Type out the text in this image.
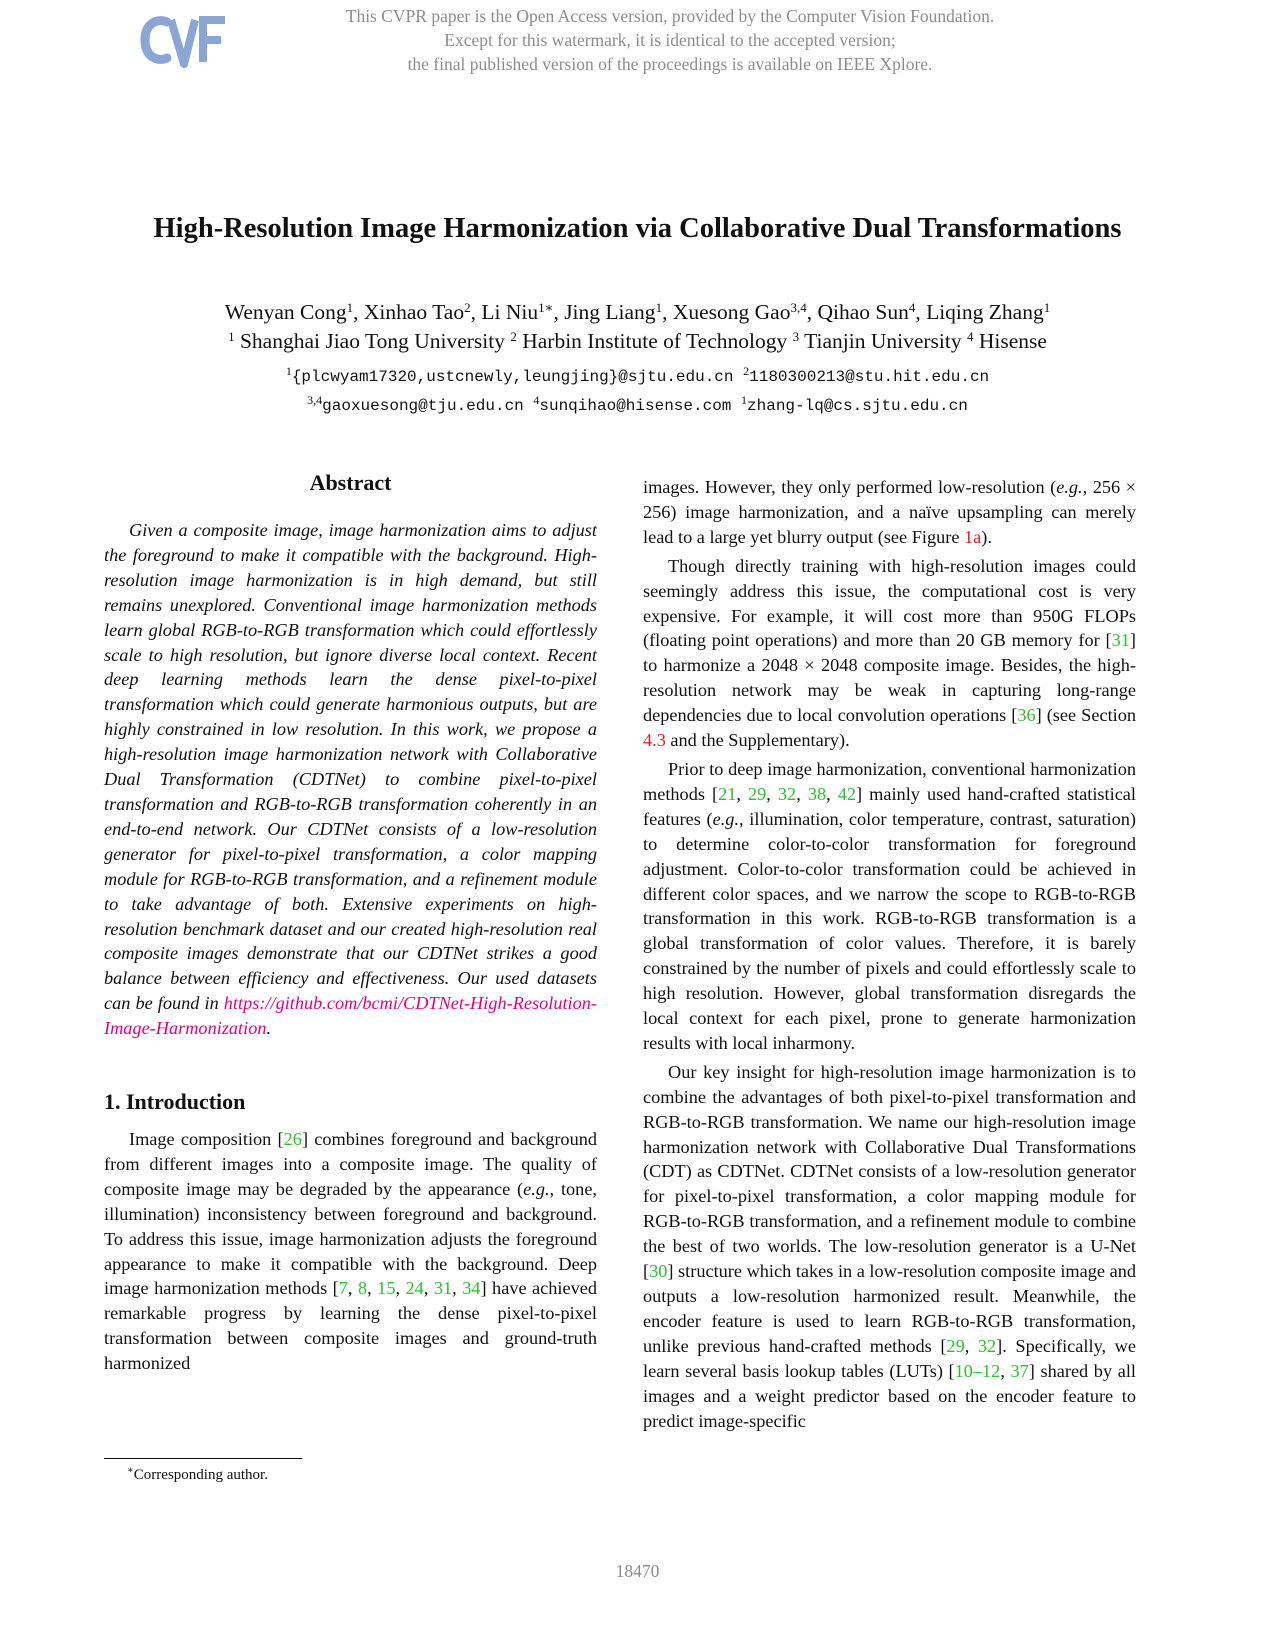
This CVPR paper is the Open Access version, provided by the Computer Vision Foundation.
Except for this watermark, it is identical to the accepted version;
the final published version of the proceedings is available on IEEE Xplore.
High-Resolution Image Harmonization via Collaborative Dual Transformations
Wenyan Cong$^1$, Xinhao Tao$^2$, Li Niu$^{1∗}$, Jing Liang$^1$, Xuesong Gao$^{3,4}$, Qihao Sun$^4$, Liqing Zhang$^1$
$^1$ Shanghai Jiao Tong University $^2$ Harbin Institute of Technology $^3$ Tianjin University $^4$ Hisense
$^1${plcwyam17320,ustcnewly,leungjing}@sjtu.edu.cn $^2$1180300213@stu.hit.edu.cn
$^{3,4}$gaoxuesong@tju.edu.cn $^4$sunqihao@hisense.com $^1$zhang-lq@cs.sjtu.edu.cn
Abstract

Given a composite image, image harmonization aims to adjust the foreground to make it compatible with the background. High-resolution image harmonization is in high demand, but still remains unexplored. Conventional image harmonization methods learn global RGB-to-RGB transformation which could effortlessly scale to high resolution, but ignore diverse local context. Recent deep learning methods learn the dense pixel-to-pixel transformation which could generate harmonious outputs, but are highly constrained in low resolution. In this work, we propose a high-resolution image harmonization network with Collaborative Dual Transformation (CDTNet) to combine pixel-to-pixel transformation and RGB-to-RGB transformation coherently in an end-to-end network. Our CDTNet consists of a low-resolution generator for pixel-to-pixel transformation, a color mapping module for RGB-to-RGB transformation, and a refinement module to take advantage of both. Extensive experiments on high-resolution benchmark dataset and our created high-resolution real composite images demonstrate that our CDTNet strikes a good balance between efficiency and effectiveness. Our used datasets can be found in https://github.com/bcmi/CDTNet-High-Resolution-Image-Harmonization.

1. Introduction

Image composition [26] combines foreground and background from different images into a composite image. The quality of composite image may be degraded by the appearance (e.g., tone, illumination) inconsistency between foreground and background. To address this issue, image harmonization adjusts the foreground appearance to make it compatible with the background. Deep image harmonization methods [7, 8, 15, 24, 31, 34] have achieved remarkable progress by learning the dense pixel-to-pixel transformation between composite images and ground-truth harmonized

images. However, they only performed low-resolution (e.g., 256 × 256) image harmonization, and a naïve upsampling can merely lead to a large yet blurry output (see Figure 1a).

Though directly training with high-resolution images could seemingly address this issue, the computational cost is very expensive. For example, it will cost more than 950G FLOPs (floating point operations) and more than 20 GB memory for [31] to harmonize a 2048 × 2048 composite image. Besides, the high-resolution network may be weak in capturing long-range dependencies due to local convolution operations [36] (see Section 4.3 and the Supplementary).

Prior to deep image harmonization, conventional harmonization methods [21, 29, 32, 38, 42] mainly used hand-crafted statistical features (e.g., illumination, color temperature, contrast, saturation) to determine color-to-color transformation for foreground adjustment. Color-to-color transformation could be achieved in different color spaces, and we narrow the scope to RGB-to-RGB transformation in this work. RGB-to-RGB transformation is a global transformation of color values. Therefore, it is barely constrained by the number of pixels and could effortlessly scale to high resolution. However, global transformation disregards the local context for each pixel, prone to generate harmonization results with local inharmony.

Our key insight for high-resolution image harmonization is to combine the advantages of both pixel-to-pixel transformation and RGB-to-RGB transformation. We name our high-resolution image harmonization network with Collaborative Dual Transformations (CDT) as CDTNet. CDTNet consists of a low-resolution generator for pixel-to-pixel transformation, a color mapping module for RGB-to-RGB transformation, and a refinement module to combine the best of two worlds. The low-resolution generator is a U-Net [30] structure which takes in a low-resolution composite image and outputs a low-resolution harmonized result. Meanwhile, the encoder feature is used to learn RGB-to-RGB transformation, unlike previous hand-crafted methods [29, 32]. Specifically, we learn several basis lookup tables (LUTs) [10–12, 37] shared by all images and a weight predictor based on the encoder feature to predict image-specific

∗Corresponding author.
18470
